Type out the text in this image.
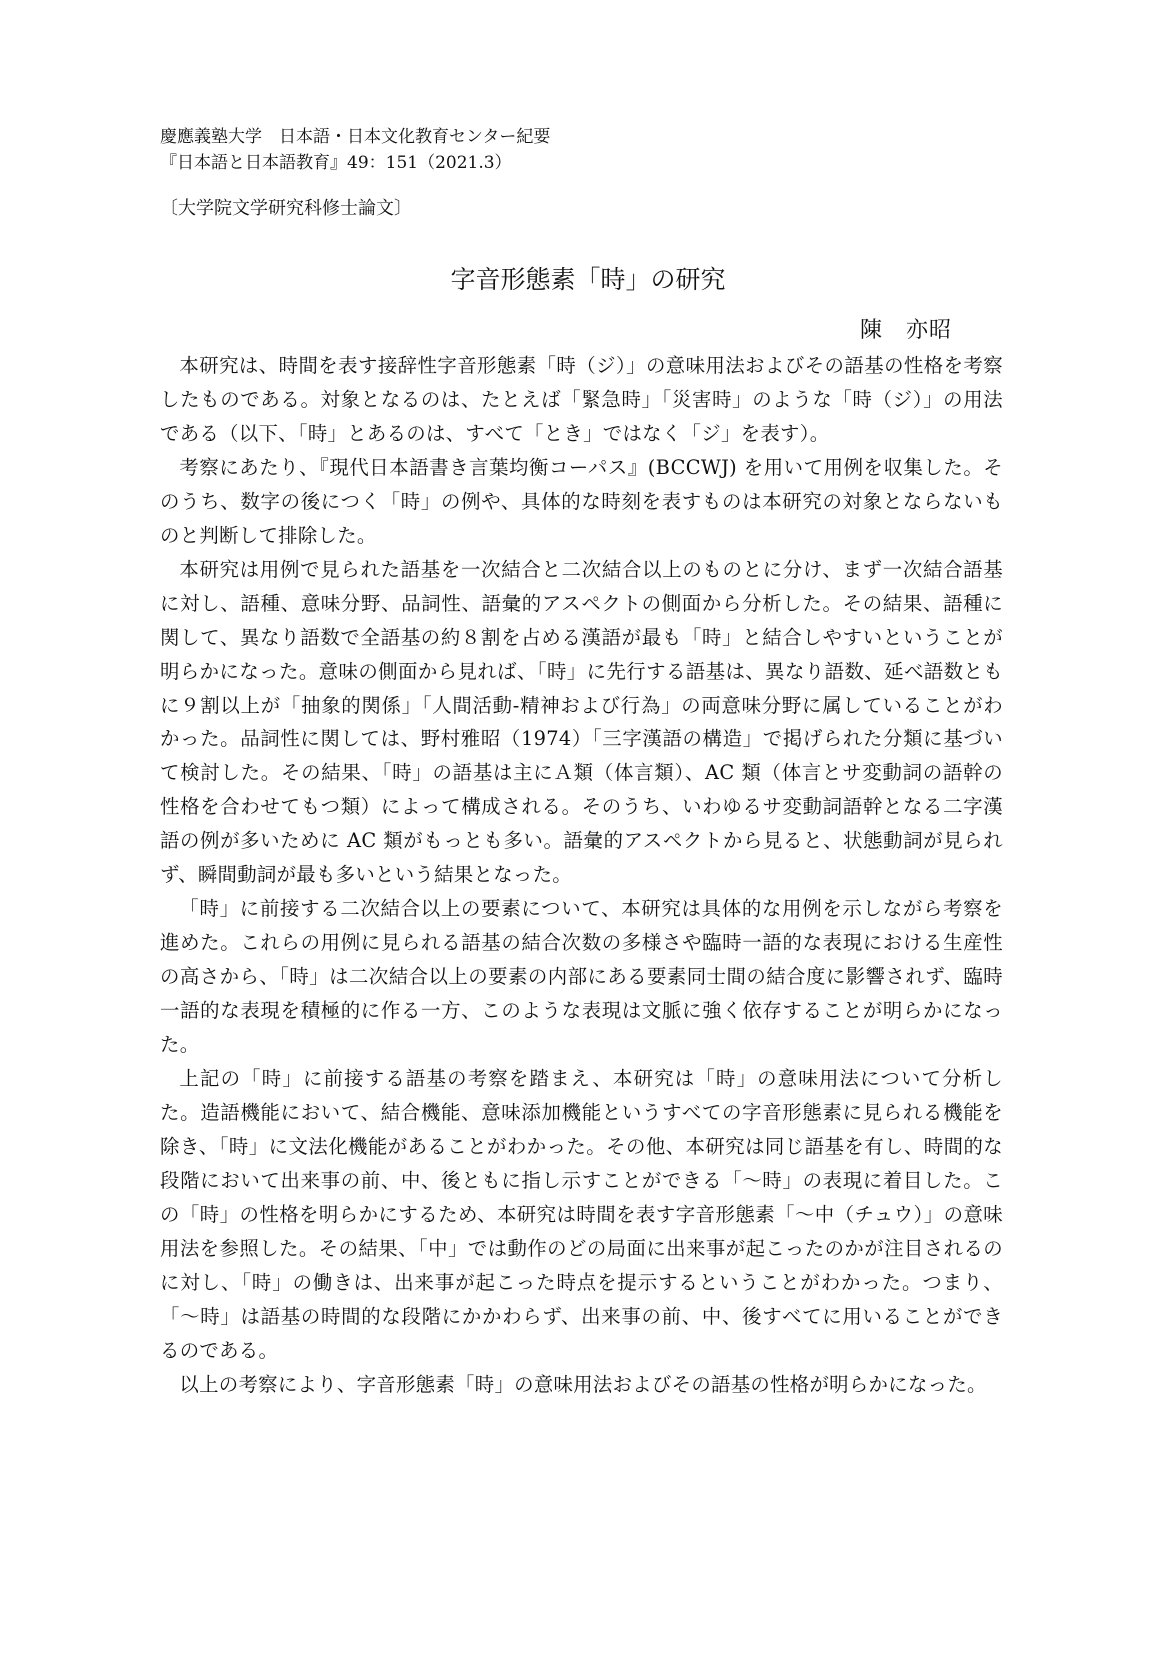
慶應義塾大学　日本語・日本文化教育センター紀要
『日本語と日本語教育』49：151（2021.3）
〔大学院文学研究科修士論文〕
字音形態素「時」の研究
陳　亦昭

本研究は、時間を表す接辞性字音形態素「時（ジ）」の意味用法およびその語基の性格を考察したものである。対象となるのは、たとえば「緊急時」「災害時」のような「時（ジ）」の用法である（以下、「時」とあるのは、すべて「とき」ではなく「ジ」を表す）。

考察にあたり、『現代日本語書き言葉均衡コーパス』(BCCWJ) を用いて用例を収集した。そのうち、数字の後につく「時」の例や、具体的な時刻を表すものは本研究の対象とならないものと判断して排除した。

本研究は用例で見られた語基を一次結合と二次結合以上のものとに分け、まず一次結合語基に対し、語種、意味分野、品詞性、語彙的アスペクトの側面から分析した。その結果、語種に関して、異なり語数で全語基の約８割を占める漢語が最も「時」と結合しやすいということが明らかになった。意味の側面から見れば、「時」に先行する語基は、異なり語数、延べ語数ともに９割以上が「抽象的関係」「人間活動-精神および行為」の両意味分野に属していることがわかった。品詞性に関しては、野村雅昭（1974）「三字漢語の構造」で掲げられた分類に基づいて検討した。その結果、「時」の語基は主にＡ類（体言類）、AC 類（体言とサ変動詞の語幹の性格を合わせてもつ類）によって構成される。そのうち、いわゆるサ変動詞語幹となる二字漢語の例が多いために AC 類がもっとも多い。語彙的アスペクトから見ると、状態動詞が見られず、瞬間動詞が最も多いという結果となった。

「時」に前接する二次結合以上の要素について、本研究は具体的な用例を示しながら考察を進めた。これらの用例に見られる語基の結合次数の多様さや臨時一語的な表現における生産性の高さから、「時」は二次結合以上の要素の内部にある要素同士間の結合度に影響されず、臨時一語的な表現を積極的に作る一方、このような表現は文脈に強く依存することが明らかになった。

上記の「時」に前接する語基の考察を踏まえ、本研究は「時」の意味用法について分析した。造語機能において、結合機能、意味添加機能というすべての字音形態素に見られる機能を除き、「時」に文法化機能があることがわかった。その他、本研究は同じ語基を有し、時間的な段階において出来事の前、中、後ともに指し示すことができる「～時」の表現に着目した。この「時」の性格を明らかにするため、本研究は時間を表す字音形態素「～中（チュウ）」の意味用法を参照した。その結果、「中」では動作のどの局面に出来事が起こったのかが注目されるのに対し、「時」の働きは、出来事が起こった時点を提示するということがわかった。つまり、「～時」は語基の時間的な段階にかかわらず、出来事の前、中、後すべてに用いることができるのである。

以上の考察により、字音形態素「時」の意味用法およびその語基の性格が明らかになった。
